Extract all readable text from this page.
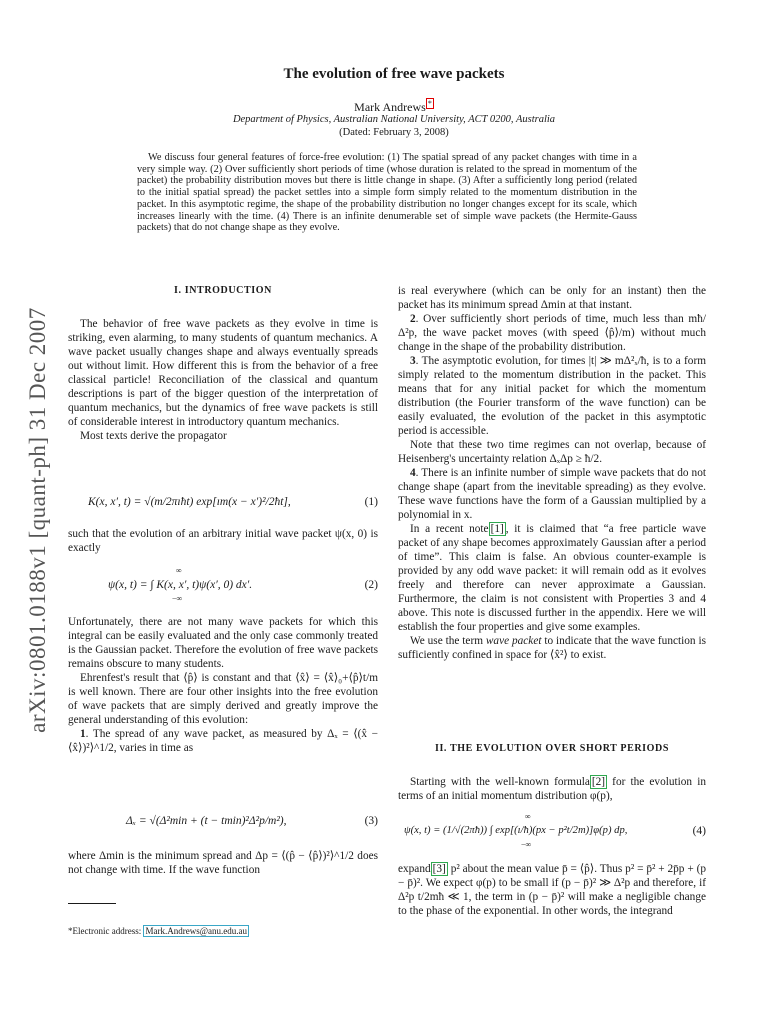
arXiv:0801.0188v1 [quant-ph] 31 Dec 2007
The evolution of free wave packets
Mark Andrews *
Department of Physics, Australian National University, ACT 0200, Australia
(Dated: February 3, 2008)
We discuss four general features of force-free evolution: (1) The spatial spread of any packet changes with time in a very simple way. (2) Over sufficiently short periods of time (whose duration is related to the spread in momentum of the packet) the probability distribution moves but there is little change in shape. (3) After a sufficiently long period (related to the initial spatial spread) the packet settles into a simple form simply related to the momentum distribution in the packet. In this asymptotic regime, the shape of the probability distribution no longer changes except for its scale, which increases linearly with the time. (4) There is an infinite denumerable set of simple wave packets (the Hermite-Gauss packets) that do not change shape as they evolve.
I. INTRODUCTION

The behavior of free wave packets as they evolve in time is striking, even alarming, to many students of quantum mechanics. A wave packet usually changes shape and always eventually spreads out without limit. How different this is from the behavior of a free classical particle! Reconciliation of the classical and quantum descriptions is part of the bigger question of the interpretation of quantum mechanics, but the dynamics of free wave packets is still of considerable interest in introductory quantum mechanics.

Most texts derive the propagator

K(x, x′, t) = √(m/2πıħt) exp[ım(x − x′)²/2ħt],	(1)

such that the evolution of an arbitrary initial wave packet ψ(x, 0) is exactly

∞
ψ(x, t) = ∫ K(x, x′, t)ψ(x′, 0) dx′.
−∞
(2)

Unfortunately, there are not many wave packets for which this integral can be easily evaluated and the only case commonly treated is the Gaussian packet. Therefore the evolution of free wave packets remains obscure to many students.

Ehrenfest's result that ⟨p̂⟩ is constant and that ⟨x̂⟩ = ⟨x̂⟩₀+⟨p̂⟩t/m is well known. There are four other insights into the free evolution of wave packets that are simply derived and greatly improve the general understanding of this evolution:

1. The spread of any wave packet, as measured by Δₓ = ⟨(x̂ − ⟨x̂⟩)²⟩^1/2, varies in time as

Δₓ = √(Δ²min + (t − tmin)²Δ²p/m²),	(3)

where Δmin is the minimum spread and Δp = ⟨(p̂ − ⟨p̂⟩)²⟩^1/2 does not change with time. If the wave function

*Electronic address: Mark.Andrews@anu.edu.au

is real everywhere (which can be only for an instant) then the packet has its minimum spread Δmin at that instant.

2. Over sufficiently short periods of time, much less than mħ/Δ²p, the wave packet moves (with speed ⟨p̂⟩/m) without much change in the shape of the probability distribution.

3. The asymptotic evolution, for times |t| ≫ mΔ²ₓ/ħ, is to a form simply related to the momentum distribution in the packet. This means that for any initial packet for which the momentum distribution (the Fourier transform of the wave function) can be easily evaluated, the evolution of the packet in this asymptotic period is accessible.

Note that these two time regimes can not overlap, because of Heisenberg's uncertainty relation ΔₓΔp ≥ ħ/2.

4. There is an infinite number of simple wave packets that do not change shape (apart from the inevitable spreading) as they evolve. These wave functions have the form of a Gaussian multiplied by a polynomial in x.

In a recent note [1] , it is claimed that “a free particle wave packet of any shape becomes approximately Gaussian after a period of time”. This claim is false. An obvious counter-example is provided by any odd wave packet: it will remain odd as it evolves freely and therefore can never approximate a Gaussian. Furthermore, the claim is not consistent with Properties 3 and 4 above. This note is discussed further in the appendix. Here we will establish the four properties and give some examples.

We use the term wave packet to indicate that the wave function is sufficiently confined in space for ⟨x̂²⟩ to exist.

II. THE EVOLUTION OVER SHORT PERIODS

Starting with the well-known formula [2] for the evolution in terms of an initial momentum distribution φ(p),

∞
ψ(x, t) = (1/√(2πħ)) ∫ exp[(ı/ħ)(px − p²t/2m)]φ(p) dp,
−∞
(4)

expand [3] p² about the mean value p̄ = ⟨p̂⟩. Thus p² = p̄² + 2p̄p + (p − p̄)². We expect φ(p) to be small if (p − p̄)² ≫ Δ²p and therefore, if Δ²p t/2mħ ≪ 1, the term in (p − p̄)² will make a negligible change to the phase of the exponential. In other words, the integrand
